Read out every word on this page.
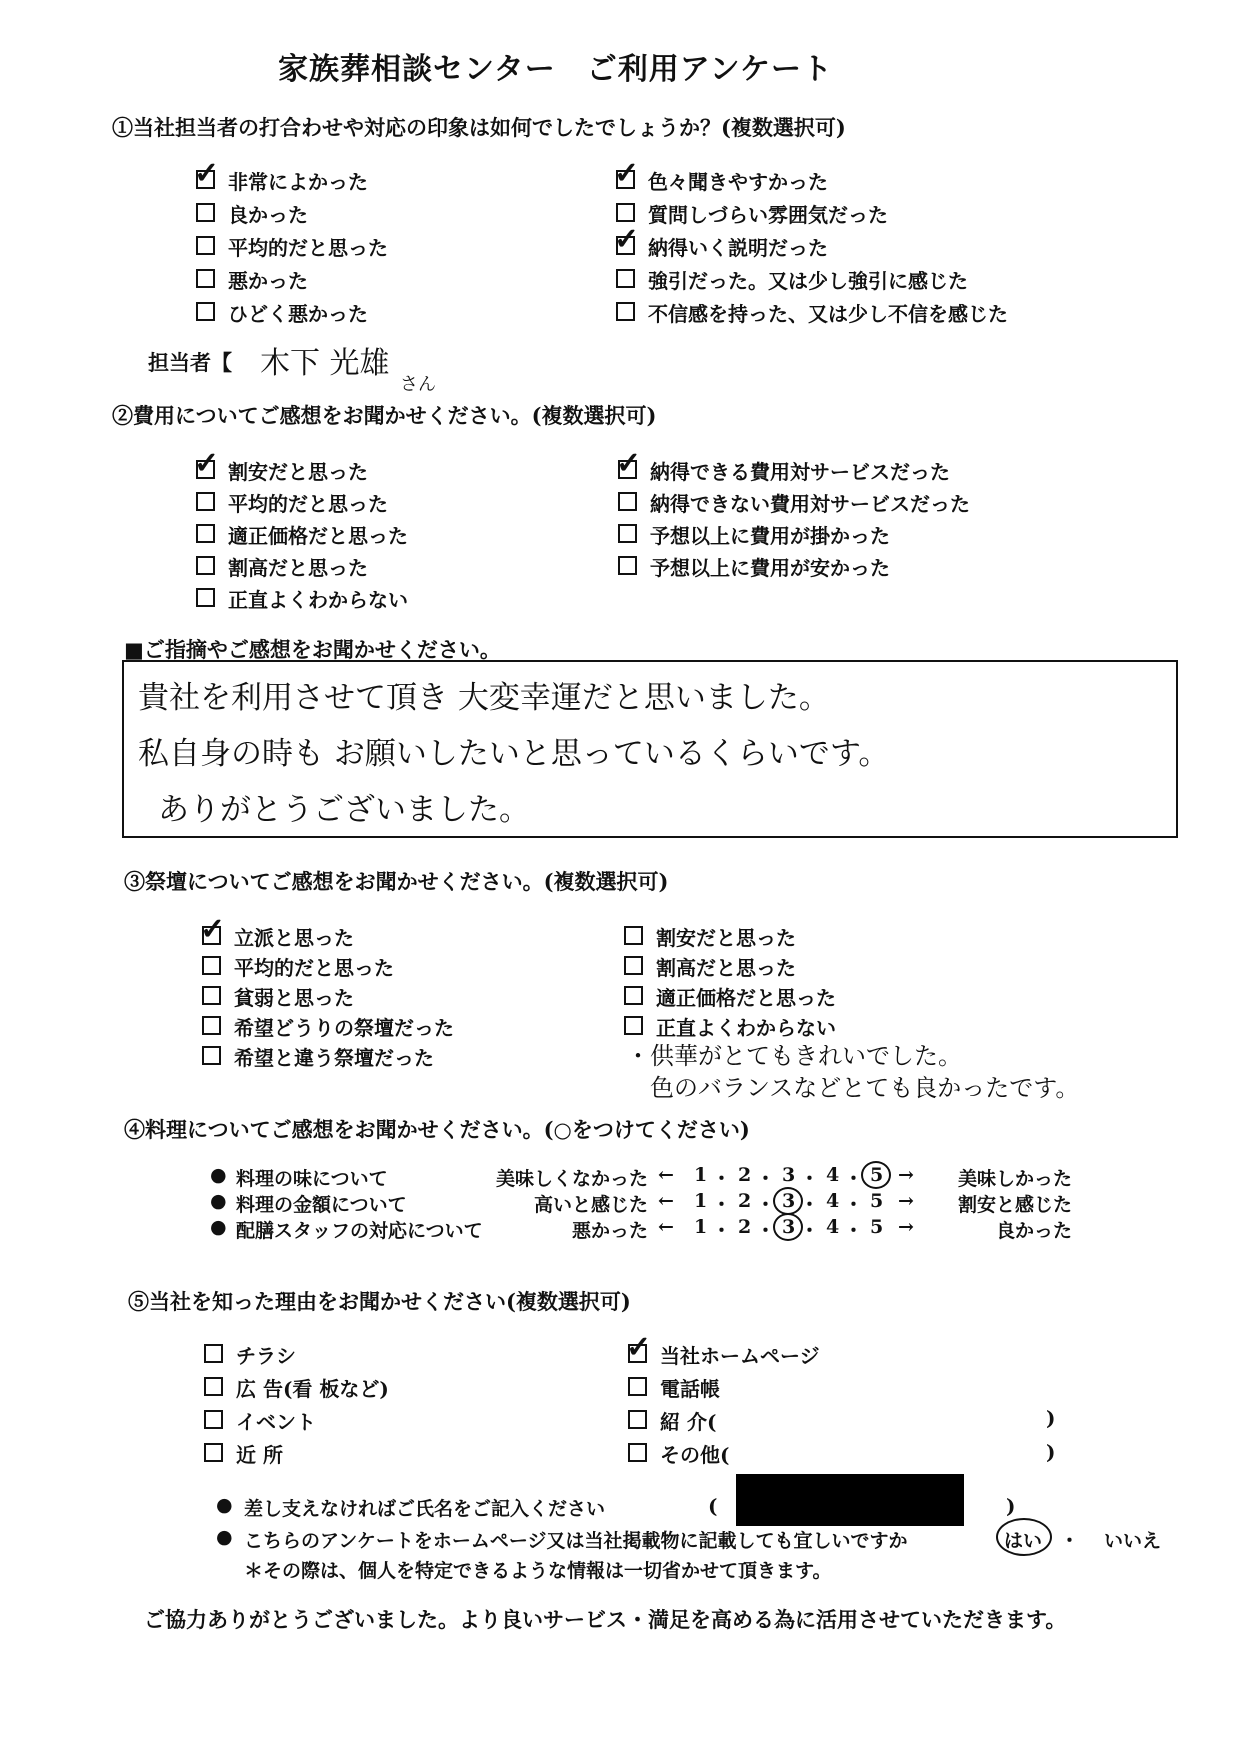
家族葬相談センター　ご利用アンケート
①当社担当者の打合わせや対応の印象は如何でしたでしょうか？(複数選択可)
✓ 非常によかった
良かった
平均的だと思った
悪かった
ひどく悪かった
✓ 色々聞きやすかった
質問しづらい雰囲気だった
✓ 納得いく説明だった
強引だった。又は少し強引に感じた
不信感を持った、又は少し不信を感じた
担当者【 木下 光雄
さん
②費用についてご感想をお聞かせください。(複数選択可)
✓ 割安だと思った
平均的だと思った
適正価格だと思った
割高だと思った
正直よくわからない
✓ 納得できる費用対サービスだった
納得できない費用対サービスだった
予想以上に費用が掛かった
予想以上に費用が安かった
■ご指摘やご感想をお聞かせください。
貴社を利用させて頂き 大変幸運だと思いました。
私自身の時も お願いしたいと思っているくらいです。
ありがとうございました。
③祭壇についてご感想をお聞かせください。(複数選択可)
✓ 立派と思った
平均的だと思った
貧弱と思った
希望どうりの祭壇だった
希望と違う祭壇だった
割安だと思った
割高だと思った
適正価格だと思った
正直よくわからない
・供華がとてもきれいでした。
色のバランスなどとても良かったです。
④料理についてご感想をお聞かせください。(○をつけてください)
● 料理の味について	美味しくなかった ← 1 ・ 2 ・ 3 ・ 4 ・ 5 → 美味しかった
● 料理の金額について	高いと感じた ← 1 ・ 2 ・ 3 ・ 4 ・ 5 → 割安と感じた
● 配膳スタッフの対応について	悪かった ← 1 ・ 2 ・ 3 ・ 4 ・ 5 →	良かった
⑤当社を知った理由をお聞かせください(複数選択可)
チラシ
広 告(看 板など)
イベント
近 所
✓ 当社ホームページ
電話帳
紹 介(
その他(
)
)
● 差し支えなければご氏名をご記入ください	(	)
● こちらのアンケートをホームページ又は当社掲載物に記載しても宜しいですか	はい ・ いいえ
＊その際は、個人を特定できるような情報は一切省かせて頂きます。
ご協力ありがとうございました。より良いサービス・満足を高める為に活用させていただきます。
